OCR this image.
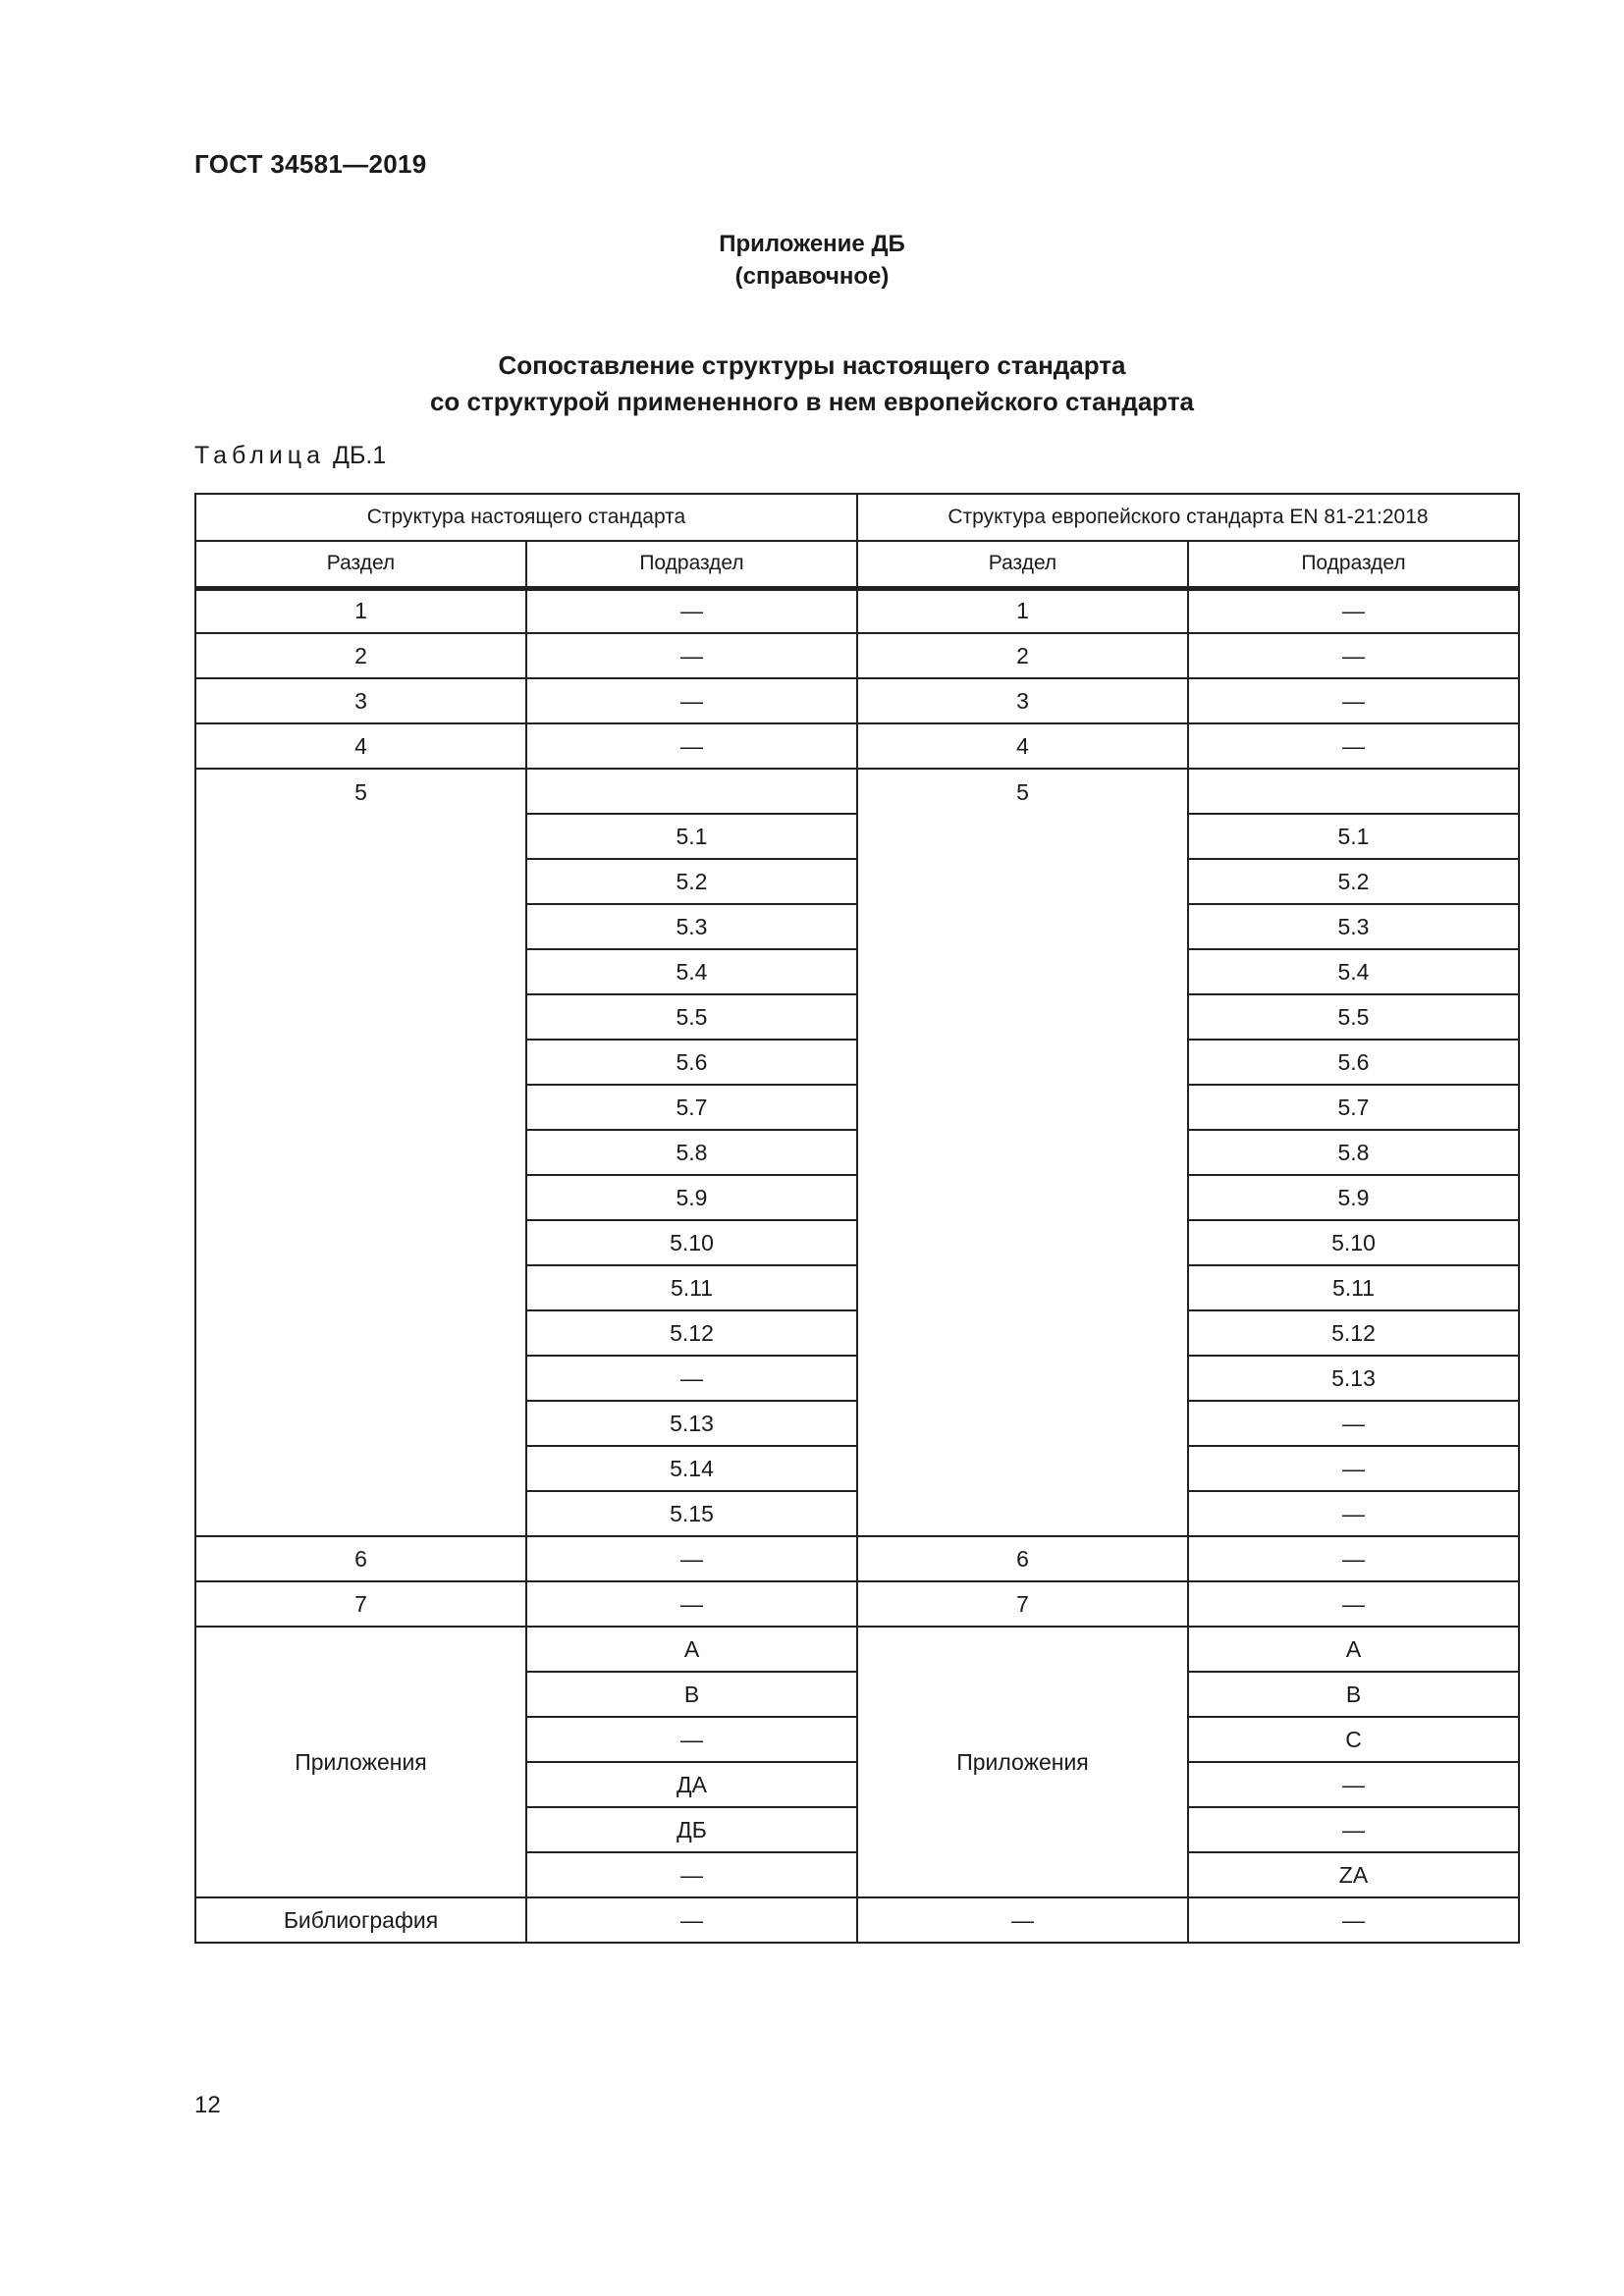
ГОСТ 34581—2019
Приложение ДБ
(справочное)
Сопоставление структуры настоящего стандарта
со структурой примененного в нем европейского стандарта
Таблица ДБ.1
Структура настоящего стандарта		Структура европейского стандарта EN 81-21:2018	
Раздел	Подраздел	Раздел	Подраздел
1	—	1	—
2	—	2	—
3	—	3	—
4	—	4	—
5		5	
	5.1		5.1
	5.2		5.2
	5.3		5.3
	5.4		5.4
	5.5		5.5
	5.6		5.6
	5.7		5.7
	5.8		5.8
	5.9		5.9
	5.10		5.10
	5.11		5.11
	5.12		5.12
	—		5.13
	5.13		—
	5.14		—
	5.15		—
6	—	6	—
7	—	7	—
Приложения	A	Приложения	A
	B		B
	—		C
	ДА		—
	ДБ		—
	—		ZA
Библиография	—	—	—
12
